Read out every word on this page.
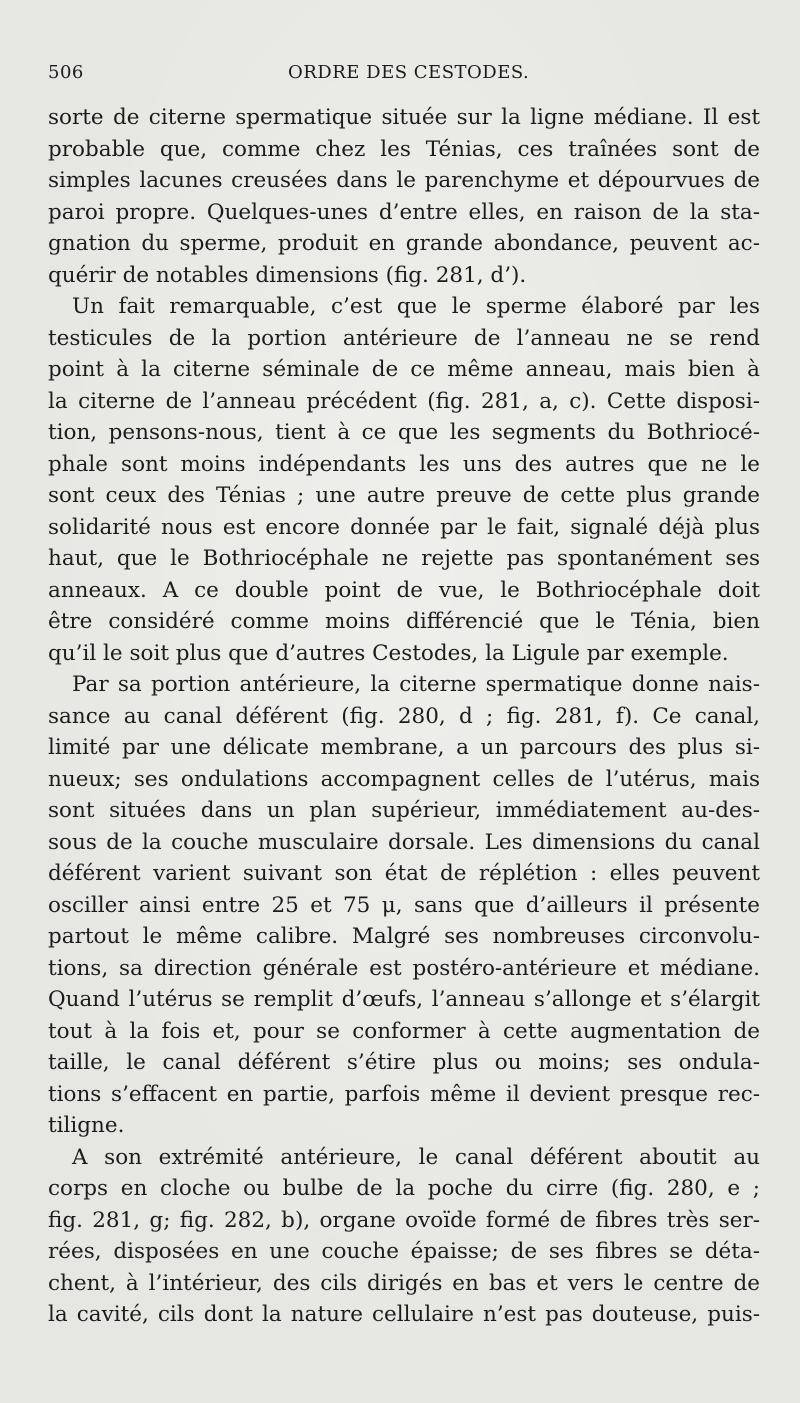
506	ORDRE DES CESTODES.
sorte de citerne spermatique située sur la ligne médiane. Il est
probable que, comme chez les Ténias, ces traînées sont de
simples lacunes creusées dans le parenchyme et dépourvues de
paroi propre. Quelques-unes d’entre elles, en raison de la sta-
gnation du sperme, produit en grande abondance, peuvent ac-
quérir de notables dimensions (fig. 281, d’).
Un fait remarquable, c’est que le sperme élaboré par les
testicules de la portion antérieure de l’anneau ne se rend
point à la citerne séminale de ce même anneau, mais bien à
la citerne de l’anneau précédent (fig. 281, a, c). Cette disposi-
tion, pensons-nous, tient à ce que les segments du Bothriocé-
phale sont moins indépendants les uns des autres que ne le
sont ceux des Ténias ; une autre preuve de cette plus grande
solidarité nous est encore donnée par le fait, signalé déjà plus
haut, que le Bothriocéphale ne rejette pas spontanément ses
anneaux. A ce double point de vue, le Bothriocéphale doit
être considéré comme moins différencié que le Ténia, bien
qu’il le soit plus que d’autres Cestodes, la Ligule par exemple.
Par sa portion antérieure, la citerne spermatique donne nais-
sance au canal déférent (fig. 280, d ; fig. 281, f). Ce canal,
limité par une délicate membrane, a un parcours des plus si-
nueux; ses ondulations accompagnent celles de l’utérus, mais
sont situées dans un plan supérieur, immédiatement au-des-
sous de la couche musculaire dorsale. Les dimensions du canal
déférent varient suivant son état de réplétion : elles peuvent
osciller ainsi entre 25 et 75 μ, sans que d’ailleurs il présente
partout le même calibre. Malgré ses nombreuses circonvolu-
tions, sa direction générale est postéro-antérieure et médiane.
Quand l’utérus se remplit d’œufs, l’anneau s’allonge et s’élargit
tout à la fois et, pour se conformer à cette augmentation de
taille, le canal déférent s’étire plus ou moins; ses ondula-
tions s’effacent en partie, parfois même il devient presque rec-
tiligne.
A son extrémité antérieure, le canal déférent aboutit au
corps en cloche ou bulbe de la poche du cirre (fig. 280, e ;
fig. 281, g; fig. 282, b), organe ovoïde formé de fibres très ser-
rées, disposées en une couche épaisse; de ses fibres se déta-
chent, à l’intérieur, des cils dirigés en bas et vers le centre de
la cavité, cils dont la nature cellulaire n’est pas douteuse, puis-
